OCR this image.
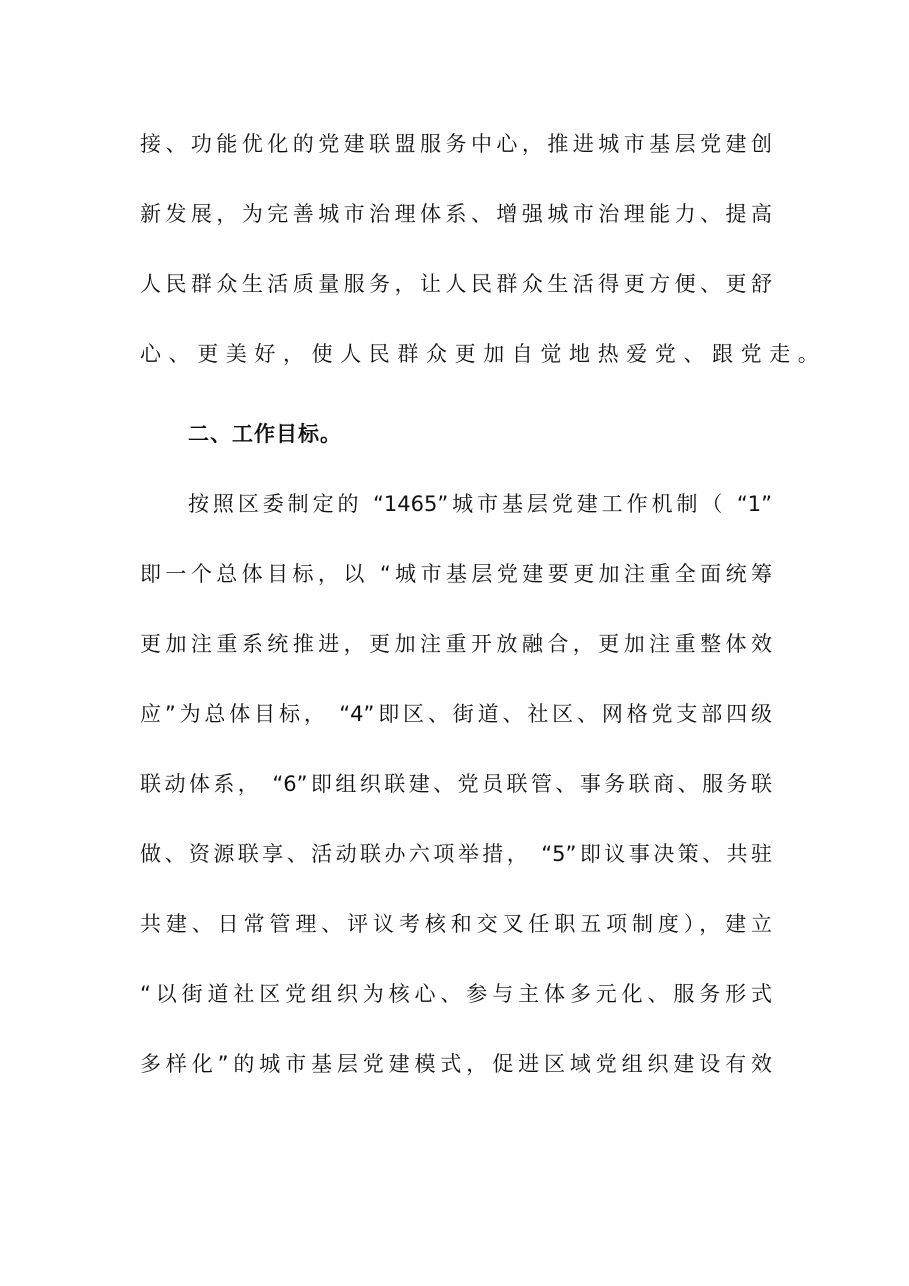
接、功能优化的党建联盟服务中心，推进城市基层党建创
新发展，为完善城市治理体系、增强城市治理能力、提高
人民群众生活质量服务，让人民群众生活得更方便、更舒
心、更美好，使人民群众更加自觉地热爱党、跟党走。
二、工作目标。
按照区委制定的 “1465”城市基层党建工作机制（ “1”
即一个总体目标，以 “城市基层党建要更加注重全面统筹
更加注重系统推进，更加注重开放融合，更加注重整体效
应”为总体目标， “4”即区、街道、社区、网格党支部四级
联动体系， “6”即组织联建、党员联管、事务联商、服务联
做、资源联享、活动联办六项举措， “5”即议事决策、共驻
共建、日常管理、评议考核和交叉任职五项制度），建立
“以街道社区党组织为核心、参与主体多元化、服务形式
多样化”的城市基层党建模式，促进区域党组织建设有效
